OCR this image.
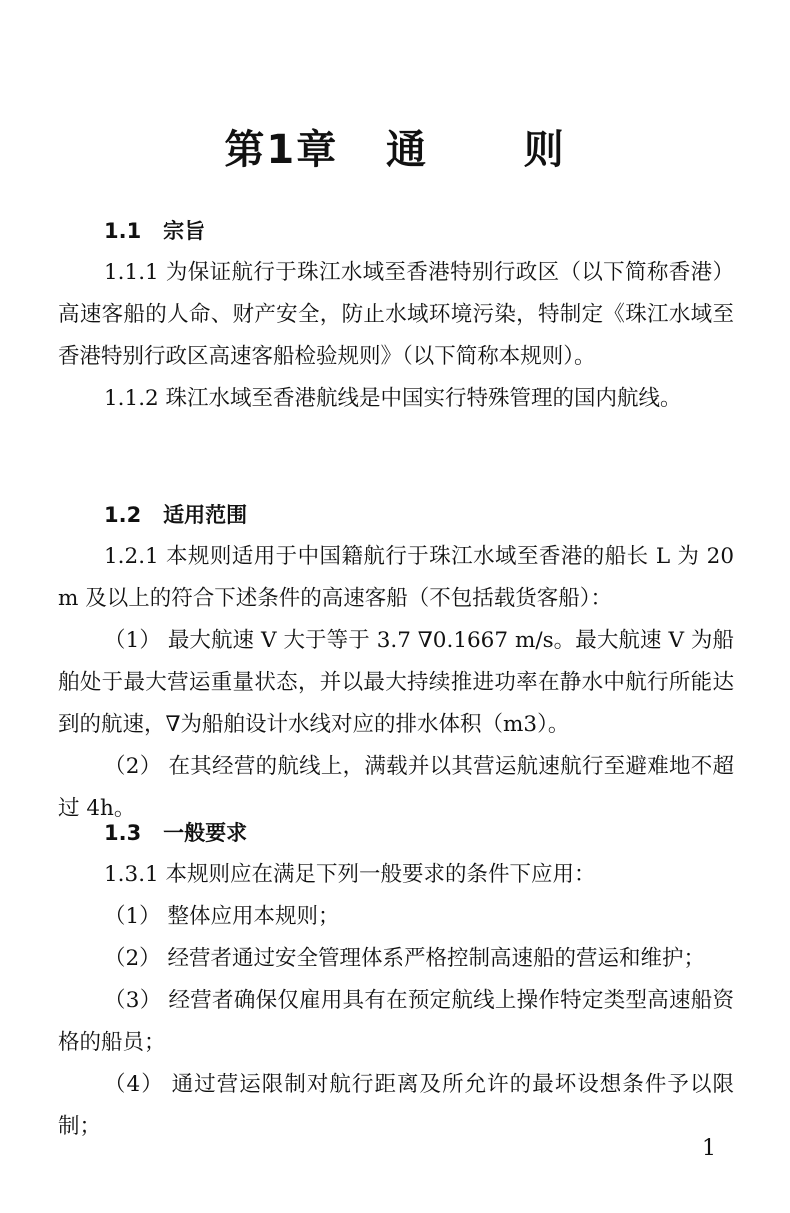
第1章   通      则

1.1   宗旨

1.1.1 为保证航行于珠江水域至香港特别行政区（以下简称香港）高速客船的人命、财产安全，防止水域环境污染，特制定《珠江水域至香港特别行政区高速客船检验规则》（以下简称本规则）。

1.1.2 珠江水域至香港航线是中国实行特殊管理的国内航线。

1.2   适用范围

1.2.1 本规则适用于中国籍航行于珠江水域至香港的船长 L 为 20m 及以上的符合下述条件的高速客船（不包括载货客船）：

（1） 最大航速 V 大于等于 3.7 ∇0.1667 m/s。最大航速 V 为船舶处于最大营运重量状态，并以最大持续推进功率在静水中航行所能达到的航速，∇为船舶设计水线对应的排水体积（m3）。

（2） 在其经营的航线上，满载并以其营运航速航行至避难地不超过 4h。

1.3   一般要求

1.3.1 本规则应在满足下列一般要求的条件下应用：

（1） 整体应用本规则；

（2） 经营者通过安全管理体系严格控制高速船的营运和维护；

（3） 经营者确保仅雇用具有在预定航线上操作特定类型高速船资格的船员；

（4） 通过营运限制对航行距离及所允许的最坏设想条件予以限制；

1
